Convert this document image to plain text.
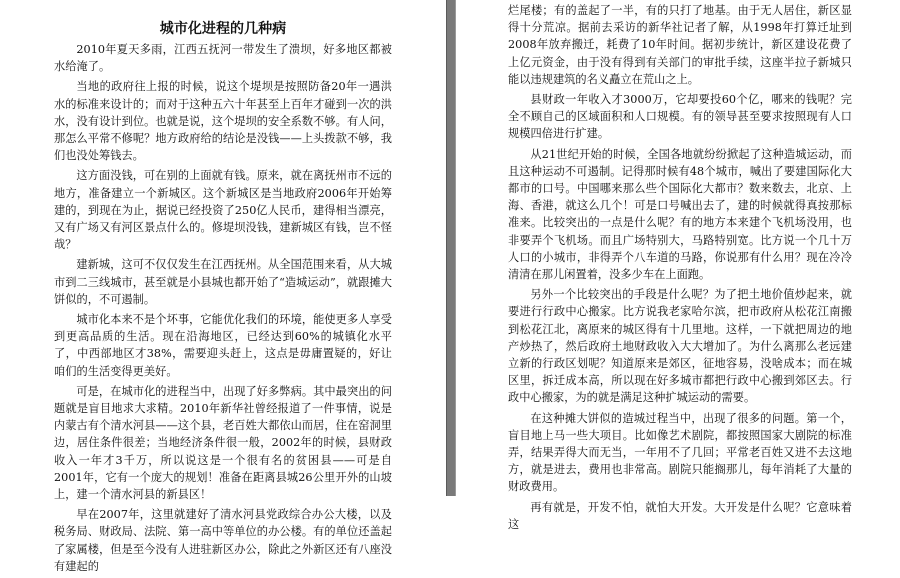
城市化进程的几种病

2010年夏天多雨，江西五抚河一带发生了溃坝，好多地区都被水给淹了。

当地的政府往上报的时候，说这个堤坝是按照防备20年一遇洪水的标准来设计的；而对于这种五六十年甚至上百年才碰到一次的洪水，没有设计到位。也就是说，这个堤坝的安全系数不够。有人问，那怎么平常不修呢？地方政府给的结论是没钱——上头拨款不够，我们也没处筹钱去。

这方面没钱，可在别的上面就有钱。原来，就在离抚州市不远的地方，准备建立一个新城区。这个新城区是当地政府2006年开始筹建的，到现在为止，据说已经投资了250亿人民币，建得相当漂亮，又有广场又有河区景点什么的。修堤坝没钱，建新城区有钱，岂不怪哉？

建新城，这可不仅仅发生在江西抚州。从全国范围来看，从大城市到二三线城市，甚至就是小县城也都开始了“造城运动”，就跟摊大饼似的，不可遏制。

城市化本来不是个坏事，它能优化我们的环境，能使更多人享受到更高品质的生活。现在沿海地区，已经达到60%的城镇化水平了，中西部地区才38%，需要迎头赶上，这点是毋庸置疑的，好让咱们的生活变得更美好。

可是，在城市化的进程当中，出现了好多弊病。其中最突出的问题就是盲目地求大求精。2010年新华社曾经报道了一件事情，说是内蒙古有个清水河县——这个县，老百姓大都依山而居，住在窑洞里边，居住条件很差；当地经济条件很一般，2002年的时候，县财政收入一年才3千万，所以说这是一个很有名的贫困县——可是自2001年，它有一个庞大的规划！准备在距离县城26公里开外的山坡上，建一个清水河县的新县区！

早在2007年，这里就建好了清水河县党政综合办公大楼，以及税务局、财政局、法院、第一高中等单位的办公楼。有的单位还盖起了家属楼，但是至今没有人进驻新区办公，除此之外新区还有八座没有建起的

烂尾楼；有的盖起了一半，有的只打了地基。由于无人居住，新区显得十分荒凉。据前去采访的新华社记者了解，从1998年打算迁址到2008年放弃搬迁，耗费了10年时间。据初步统计，新区建设花费了上亿元资金，由于没有得到有关部门的审批手续，这座半拉子新城只能以违规建筑的名义矗立在荒山之上。

县财政一年收入才3000万，它却要投60个亿，哪来的钱呢？完全不顾自己的区域面积和人口规模。有的领导甚至要求按照现有人口规模四倍进行扩建。

从21世纪开始的时候，全国各地就纷纷掀起了这种造城运动，而且这种运动不可遏制。记得那时候有48个城市，喊出了要建国际化大都市的口号。中国哪来那么些个国际化大都市？数来数去，北京、上海、香港，就这么几个！可是口号喊出去了，建的时候就得真按那标准来。比较突出的一点是什么呢？有的地方本来建个飞机场没用，也非要弄个飞机场。而且广场特别大，马路特别宽。比方说一个几十万人口的小城市，非得弄个八车道的马路，你说那有什么用？现在冷冷清清在那儿闲置着，没多少车在上面跑。

另外一个比较突出的手段是什么呢？为了把土地价值炒起来，就要进行行政中心搬家。比方说我老家哈尔滨，把市政府从松花江南搬到松花江北，离原来的城区得有十几里地。这样，一下就把周边的地产炒热了，然后政府土地财政收入大大增加了。为什么离那么老远建立新的行政区划呢？知道原来是郊区，征地容易，没啥成本；而在城区里，拆迁成本高，所以现在好多城市都把行政中心搬到郊区去。行政中心搬家，为的就是满足这种扩城运动的需要。

在这种摊大饼似的造城过程当中，出现了很多的问题。第一个，盲目地上马一些大项目。比如像艺术剧院，都按照国家大剧院的标准弄，结果弄得大而无当，一年用不了几回；平常老百姓又进不去这地方，就是进去，费用也非常高。剧院只能搁那儿，每年消耗了大量的财政费用。

再有就是，开发不怕，就怕大开发。大开发是什么呢？它意味着这
